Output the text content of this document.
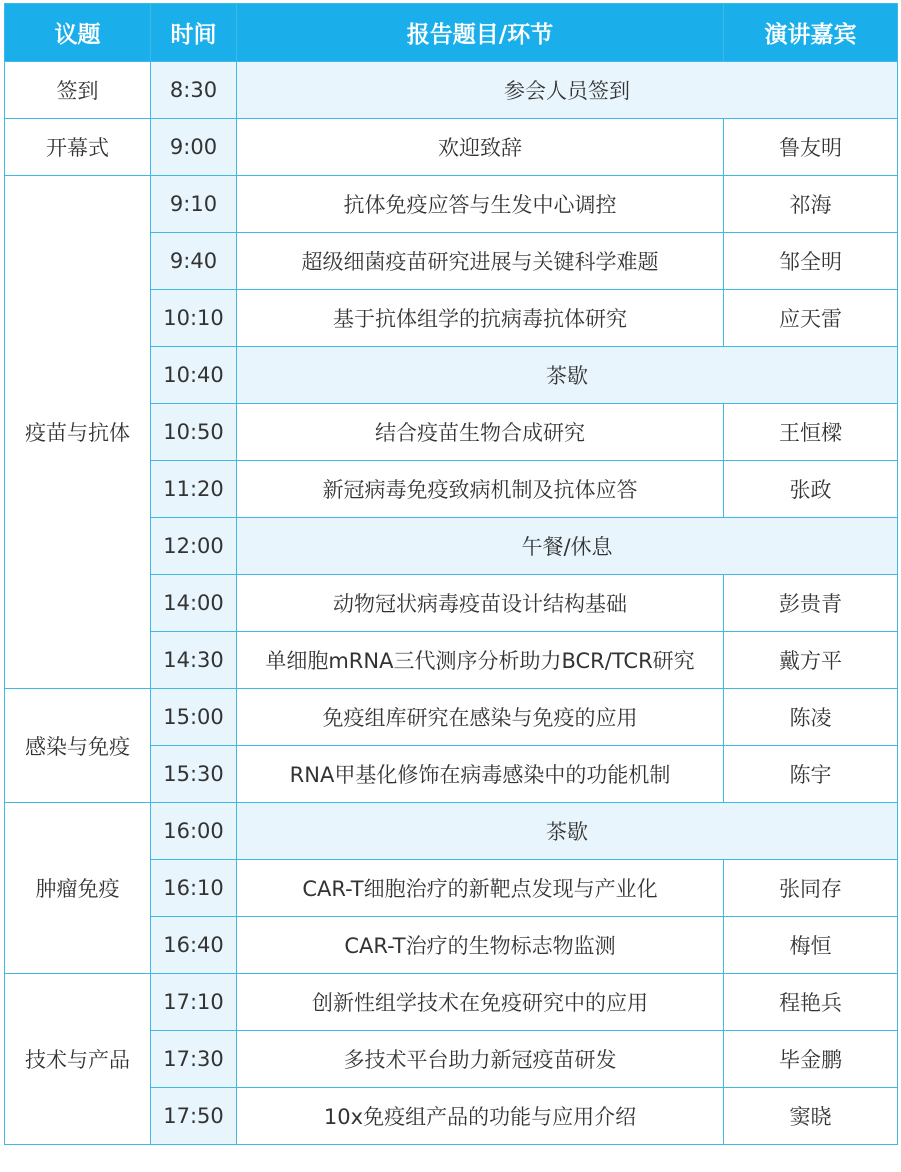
议题	时间	报告题目/环节	演讲嘉宾
签到	8:30	参会人员签到	
开幕式	9:00	欢迎致辞	鲁友明
疫苗与抗体	9:10	抗体免疫应答与生发中心调控	祁海
	9:40	超级细菌疫苗研究进展与关键科学难题	邹全明
	10:10	基于抗体组学的抗病毒抗体研究	应天雷
	10:40	茶歇	
	10:50	结合疫苗生物合成研究	王恒樑
	11:20	新冠病毒免疫致病机制及抗体应答	张政
	12:00	午餐/休息	
	14:00	动物冠状病毒疫苗设计结构基础	彭贵青
	14:30	单细胞mRNA三代测序分析助力BCR/TCR研究	戴方平
感染与免疫	15:00	免疫组库研究在感染与免疫的应用	陈凌
	15:30	RNA甲基化修饰在病毒感染中的功能机制	陈宇
肿瘤免疫	16:00	茶歇	
	16:10	CAR-T细胞治疗的新靶点发现与产业化	张同存
	16:40	CAR-T治疗的生物标志物监测	梅恒
技术与产品	17:10	创新性组学技术在免疫研究中的应用	程艳兵
	17:30	多技术平台助力新冠疫苗研发	毕金鹏
	17:50	10x免疫组产品的功能与应用介绍	窦晓
